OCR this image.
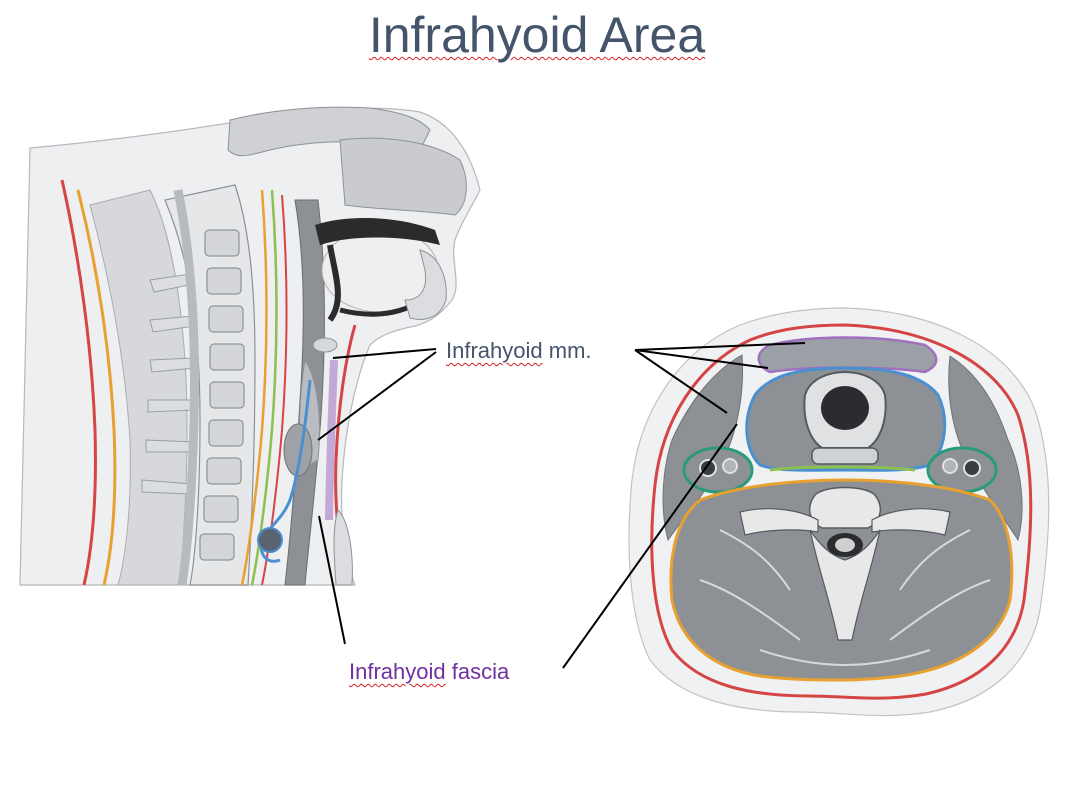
Infrahyoid Area
Infrahyoid mm.
Infrahyoid fascia
